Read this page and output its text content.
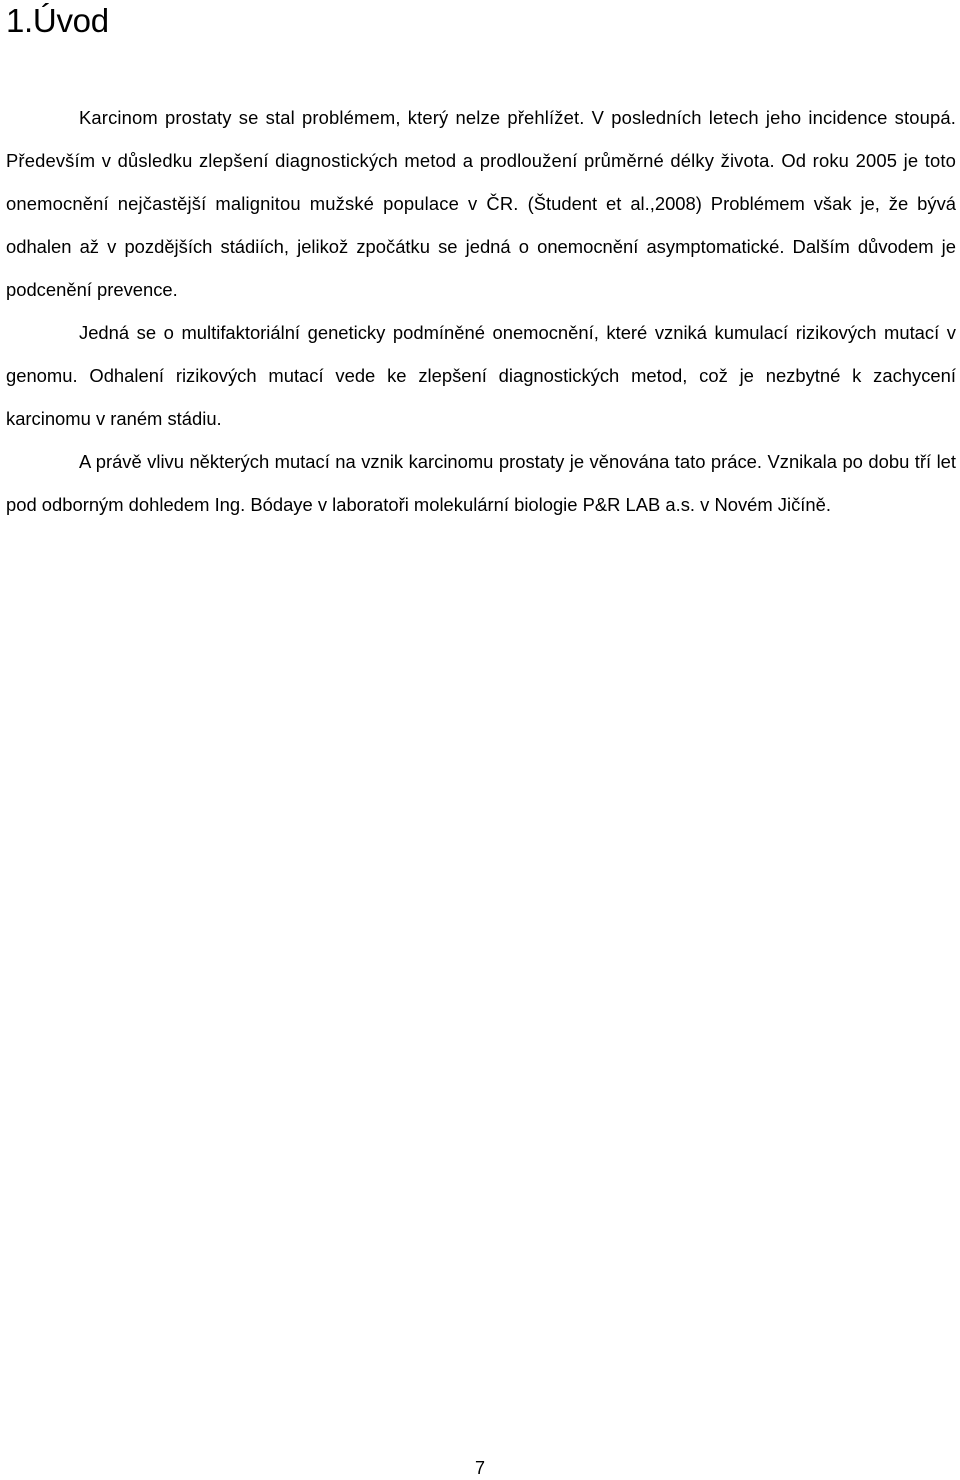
1.Úvod

Karcinom prostaty se stal problémem, který nelze přehlížet. V posledních letech jeho incidence stoupá. Především v důsledku zlepšení diagnostických metod a prodloužení průměrné délky života. Od roku 2005 je toto onemocnění nejčastější malignitou mužské populace v ČR. (Študent et al.,2008) Problémem však je, že bývá odhalen až v pozdějších stádiích, jelikož zpočátku se jedná o onemocnění asymptomatické. Dalším důvodem je podcenění prevence.

Jedná se o multifaktoriální geneticky podmíněné onemocnění, které vzniká kumulací rizikových mutací v genomu. Odhalení rizikových mutací vede ke zlepšení diagnostických metod, což je nezbytné k zachycení karcinomu v raném stádiu.

A právě vlivu některých mutací na vznik karcinomu prostaty je věnována tato práce. Vznikala po dobu tří let pod odborným dohledem Ing. Bódaye v laboratoři molekulární biologie P&R LAB a.s. v Novém Jičíně.

7
